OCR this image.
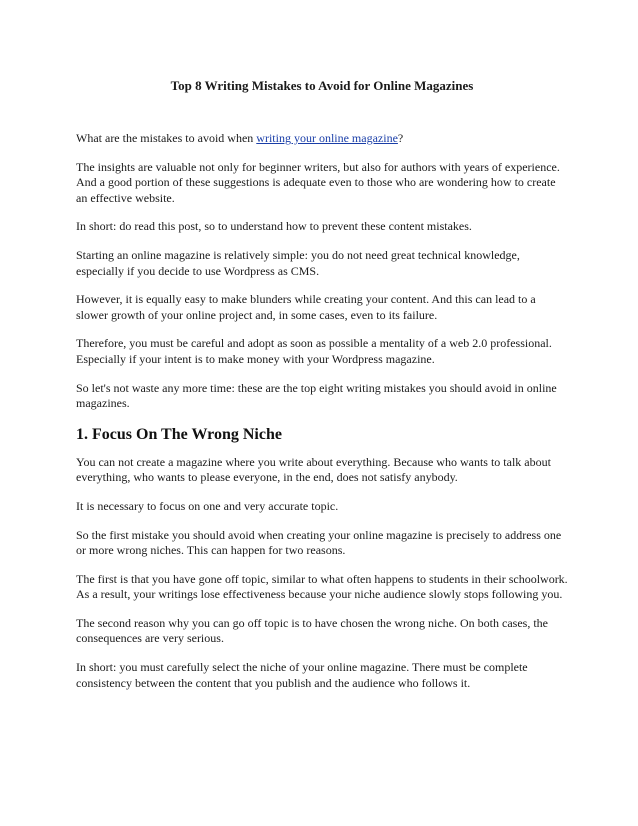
Top 8 Writing Mistakes to Avoid for Online Magazines

What are the mistakes to avoid when writing your online magazine?

The insights are valuable not only for beginner writers, but also for authors with years of experience. And a good portion of these suggestions is adequate even to those who are wondering how to create an effective website.

In short: do read this post, so to understand how to prevent these content mistakes.

Starting an online magazine is relatively simple: you do not need great technical knowledge, especially if you decide to use Wordpress as CMS.

However, it is equally easy to make blunders while creating your content. And this can lead to a slower growth of your online project and, in some cases, even to its failure.

Therefore, you must be careful and adopt as soon as possible a mentality of a web 2.0 professional. Especially if your intent is to make money with your Wordpress magazine.

So let's not waste any more time: these are the top eight writing mistakes you should avoid in online magazines.

1. Focus On The Wrong Niche

You can not create a magazine where you write about everything. Because who wants to talk about everything, who wants to please everyone, in the end, does not satisfy anybody.

It is necessary to focus on one and very accurate topic.

So the first mistake you should avoid when creating your online magazine is precisely to address one or more wrong niches. This can happen for two reasons.

The first is that you have gone off topic, similar to what often happens to students in their schoolwork. As a result, your writings lose effectiveness because your niche audience slowly stops following you.

The second reason why you can go off topic is to have chosen the wrong niche. On both cases, the consequences are very serious.

In short: you must carefully select the niche of your online magazine. There must be complete consistency between the content that you publish and the audience who follows it.
